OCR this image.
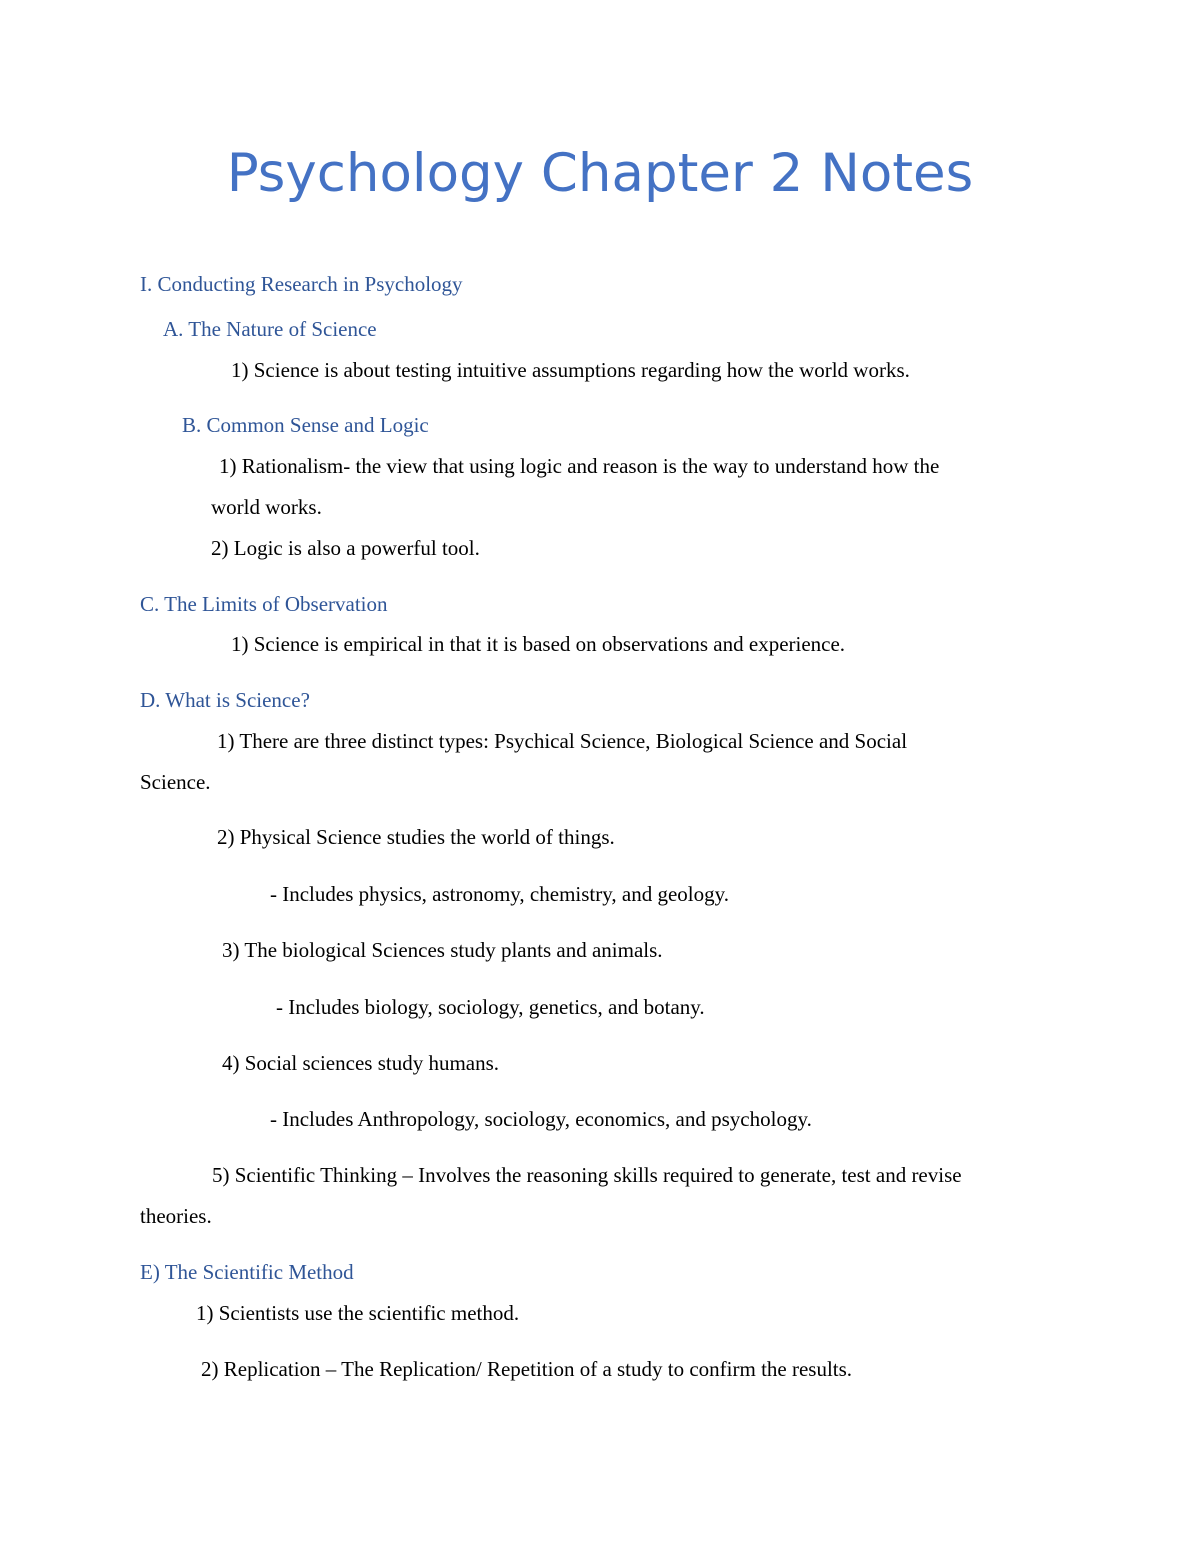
Psychology Chapter 2 Notes
I. Conducting Research in Psychology
A. The Nature of Science
1) Science is about testing intuitive assumptions regarding how the world works.
B. Common Sense and Logic
1) Rationalism- the view that using logic and reason is the way to understand how the
world works.
2) Logic is also a powerful tool.
C. The Limits of Observation
1) Science is empirical in that it is based on observations and experience.
D. What is Science?
1) There are three distinct types: Psychical Science, Biological Science and Social
Science.
2) Physical Science studies the world of things.
- Includes physics, astronomy, chemistry, and geology.
3) The biological Sciences study plants and animals.
- Includes biology, sociology, genetics, and botany.
4) Social sciences study humans.
- Includes Anthropology, sociology, economics, and psychology.
5) Scientific Thinking – Involves the reasoning skills required to generate, test and revise
theories.
E) The Scientific Method
1) Scientists use the scientific method.
2) Replication – The Replication/ Repetition of a study to confirm the results.
